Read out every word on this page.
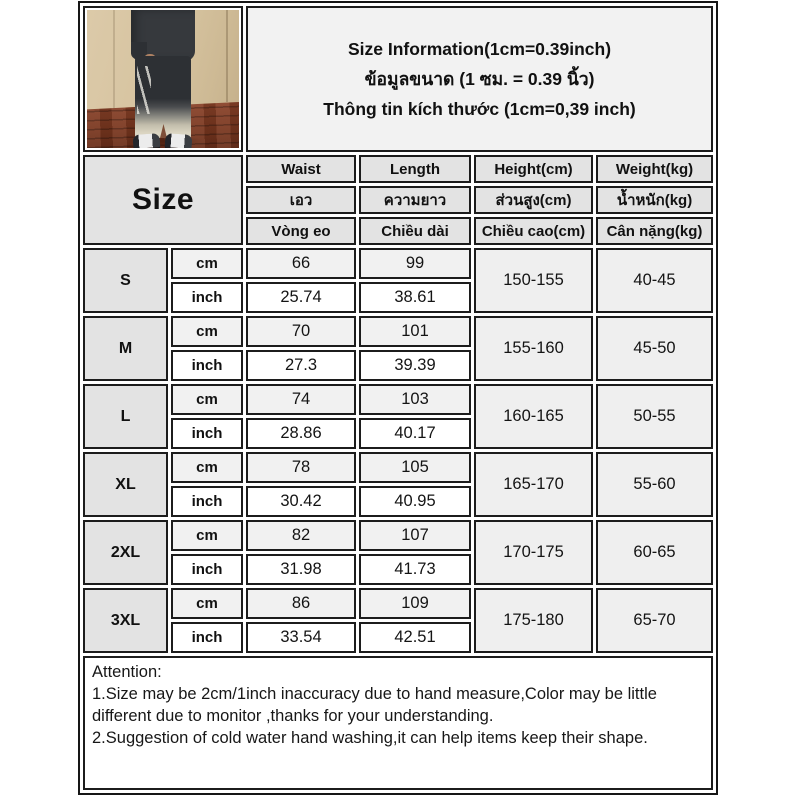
		Size Information(1cm=0.39inch)
ข้อมูลขนาด (1 ซม. = 0.39 นิ้ว)
Thông tin kích thước (1cm=0,39 inch)			

Size		Waist	Length	Height(cm)	Weight(kg)
		เอว	ความยาว	ส่วนสูง(cm)	น้ำหนัก(kg)
		Vòng eo	Chiều dài	Chiều cao(cm)	Cân nặng(kg)
S	cm	66	99	150-155	40-45
	inch	25.74	38.61		
M	cm	70	101	155-160	45-50
	inch	27.3	39.39		
L	cm	74	103	160-165	50-55
	inch	28.86	40.17		
XL	cm	78	105	165-170	55-60
	inch	30.42	40.95		
2XL	cm	82	107	170-175	60-65
	inch	31.98	41.73		
3XL	cm	86	109	175-180	65-70
	inch	33.54	42.51		

Attention:
1.Size may be 2cm/1inch inaccuracy due to hand measure,Color may be little different due to monitor ,thanks for your understanding.
2.Suggestion of cold water hand washing,it can help items keep their shape.					
